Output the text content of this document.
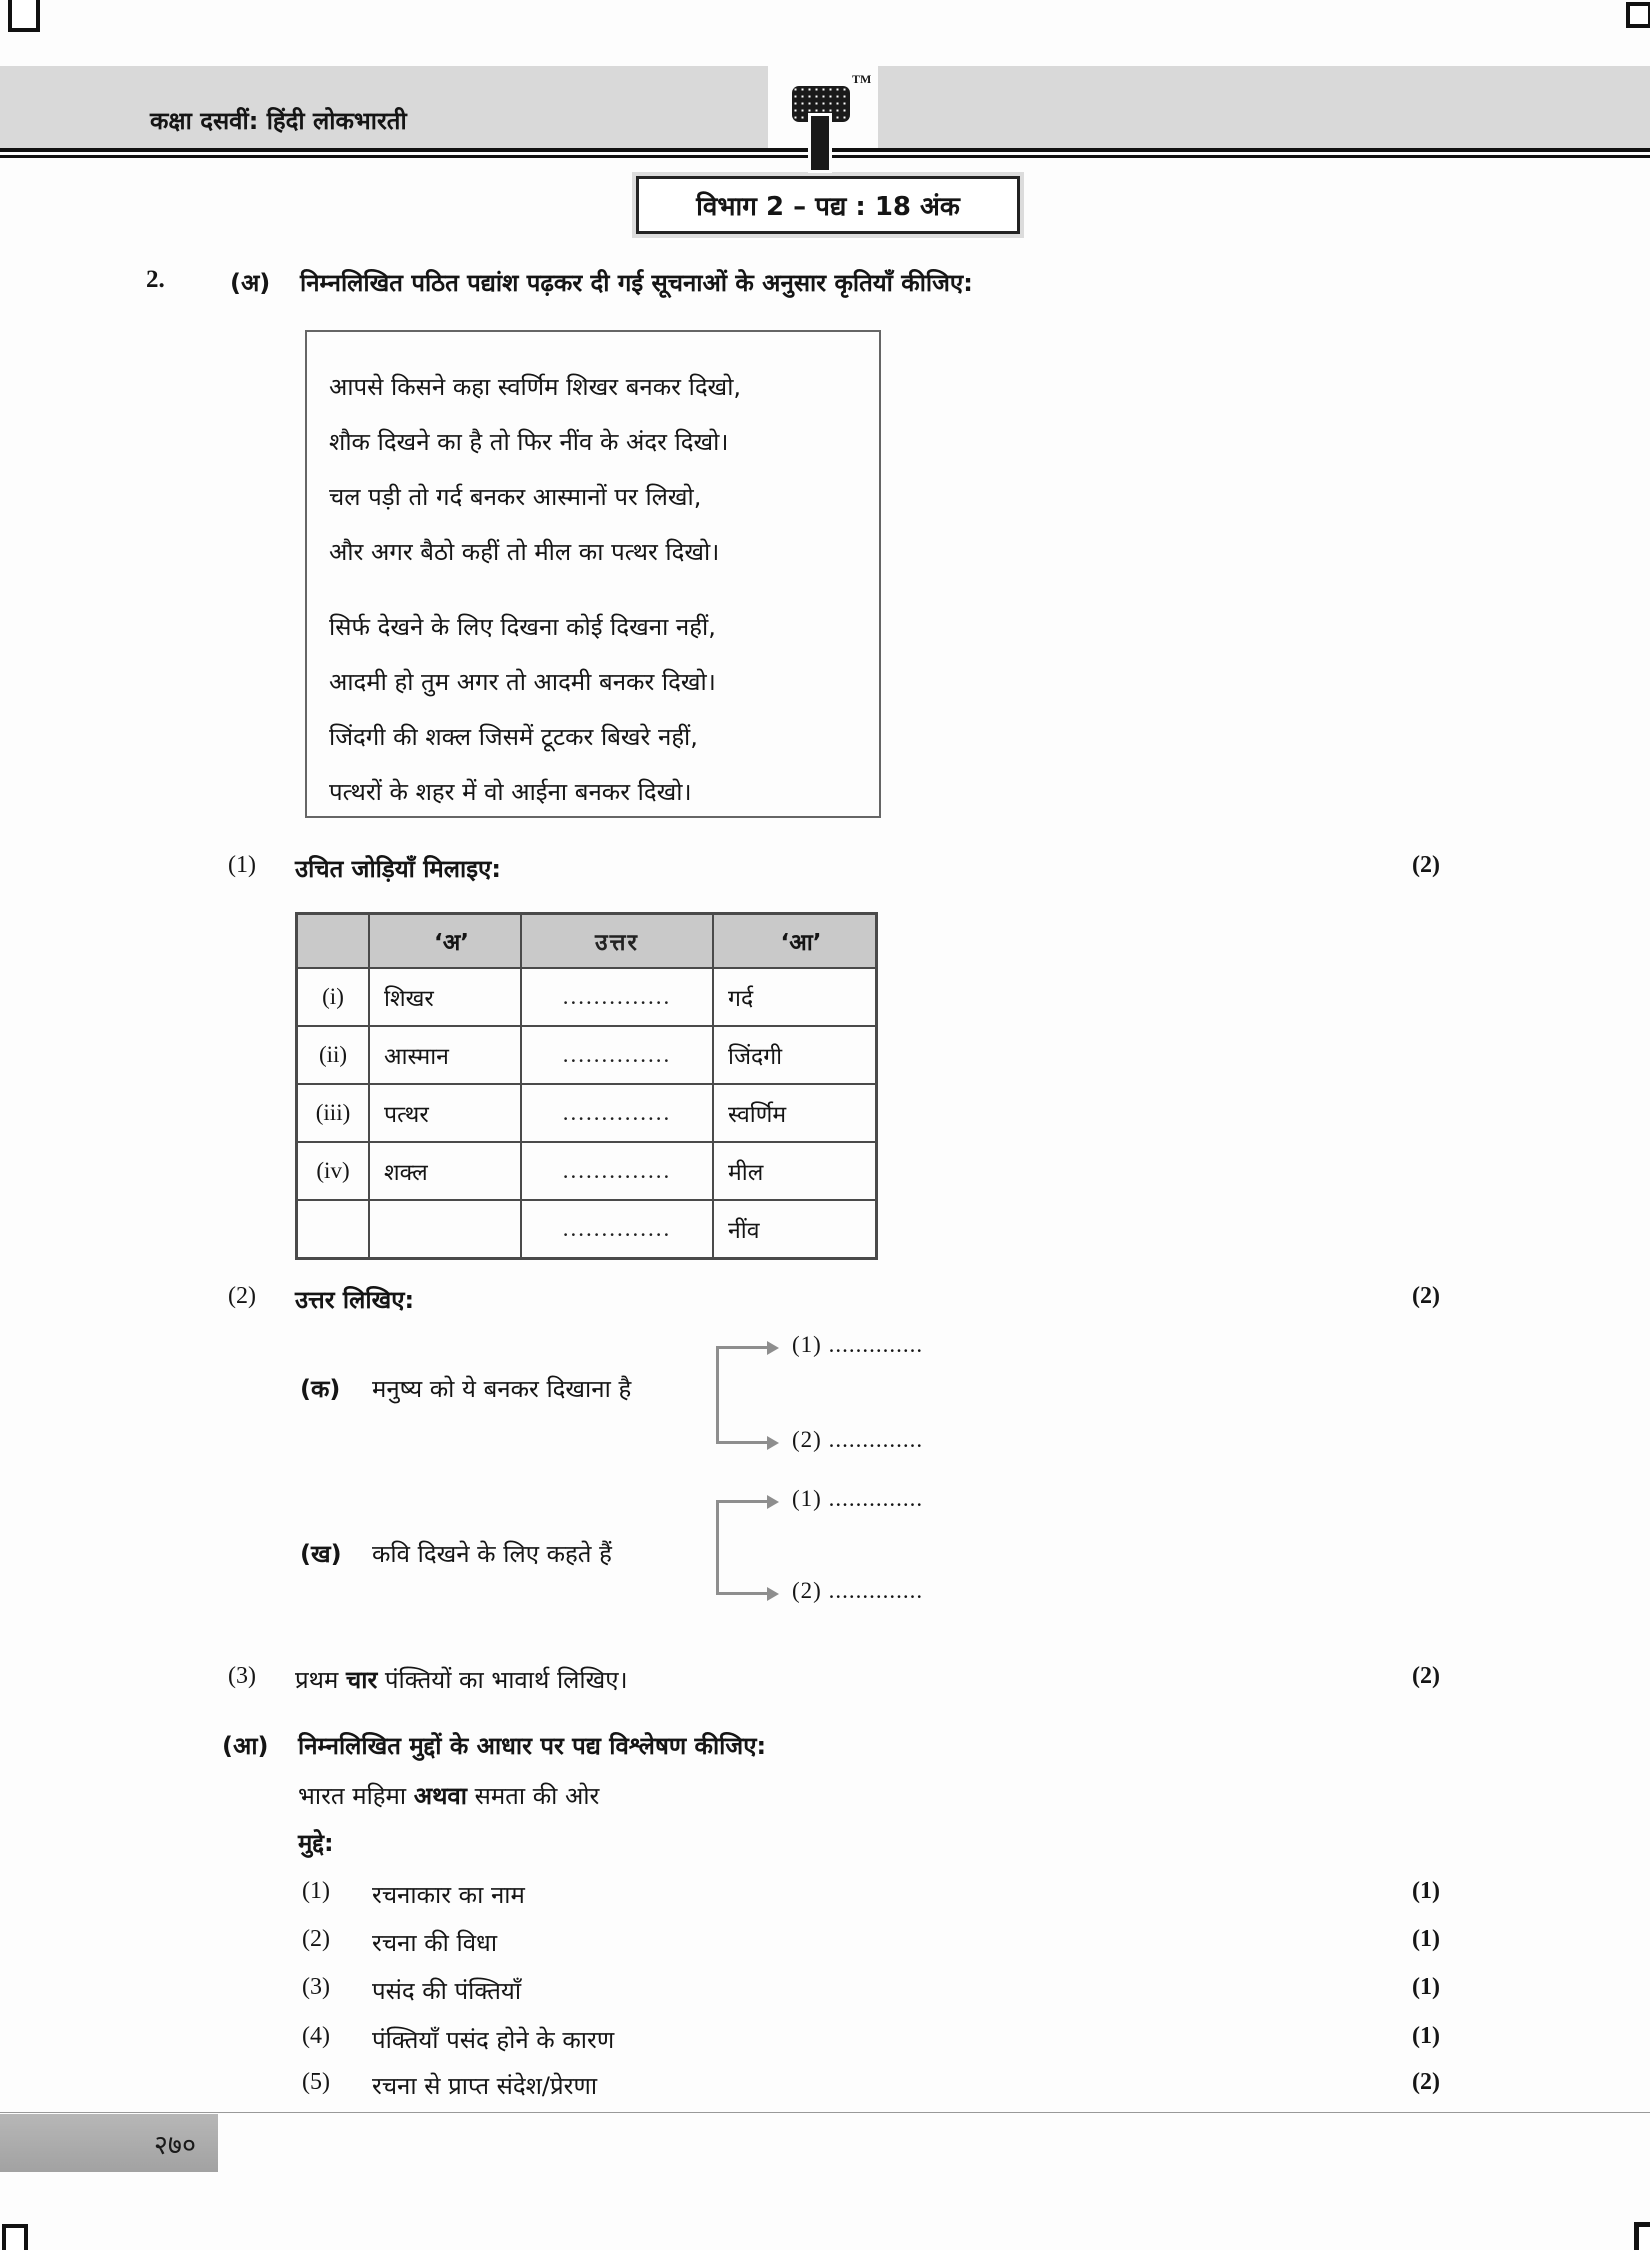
कक्षा दसवीं: हिंदी लोकभारती
TM
विभाग 2 – पद्य : 18 अंक
2.	(अ) निम्नलिखित पठित पद्यांश पढ़कर दी गई सूचनाओं के अनुसार कृतियाँ कीजिए:
आपसे किसने कहा स्वर्णिम शिखर बनकर दिखो,
शौक दिखने का है तो फिर नींव के अंदर दिखो।
चल पड़ी तो गर्द बनकर आस्मानों पर लिखो,
और अगर बैठो कहीं तो मील का पत्थर दिखो।
सिर्फ देखने के लिए दिखना कोई दिखना नहीं,
आदमी हो तुम अगर तो आदमी बनकर दिखो।
जिंदगी की शक्ल जिसमें टूटकर बिखरे नहीं,
पत्थरों के शहर में वो आईना बनकर दिखो।
(1) उचित जोड़ियाँ मिलाइए:	(2)
	‘अ’	उत्तर	‘आ’
(i)	शिखर	..............	गर्द
(ii)	आस्मान	..............	जिंदगी
(iii)	पत्थर	..............	स्वर्णिम
(iv)	शक्ल	..............	मील
		..............	नींव
(2) उत्तर लिखिए:	(2)
(क) मनुष्य को ये बनकर दिखाना है
(1) ..............
(2) ..............
(ख) कवि दिखने के लिए कहते हैं
(1) ..............
(2) ..............
(3) प्रथम चार पंक्तियों का भावार्थ लिखिए।	(2)
(आ) निम्नलिखित मुद्दों के आधार पर पद्य विश्लेषण कीजिए:
भारत महिमा अथवा समता की ओर
मुद्दे:
(1) रचनाकार का नाम	(1)
(2) रचना की विधा	(1)
(3) पसंद की पंक्तियाँ	(1)
(4) पंक्तियाँ पसंद होने के कारण	(1)
(5) रचना से प्राप्त संदेश/प्रेरणा	(2)
२७०
